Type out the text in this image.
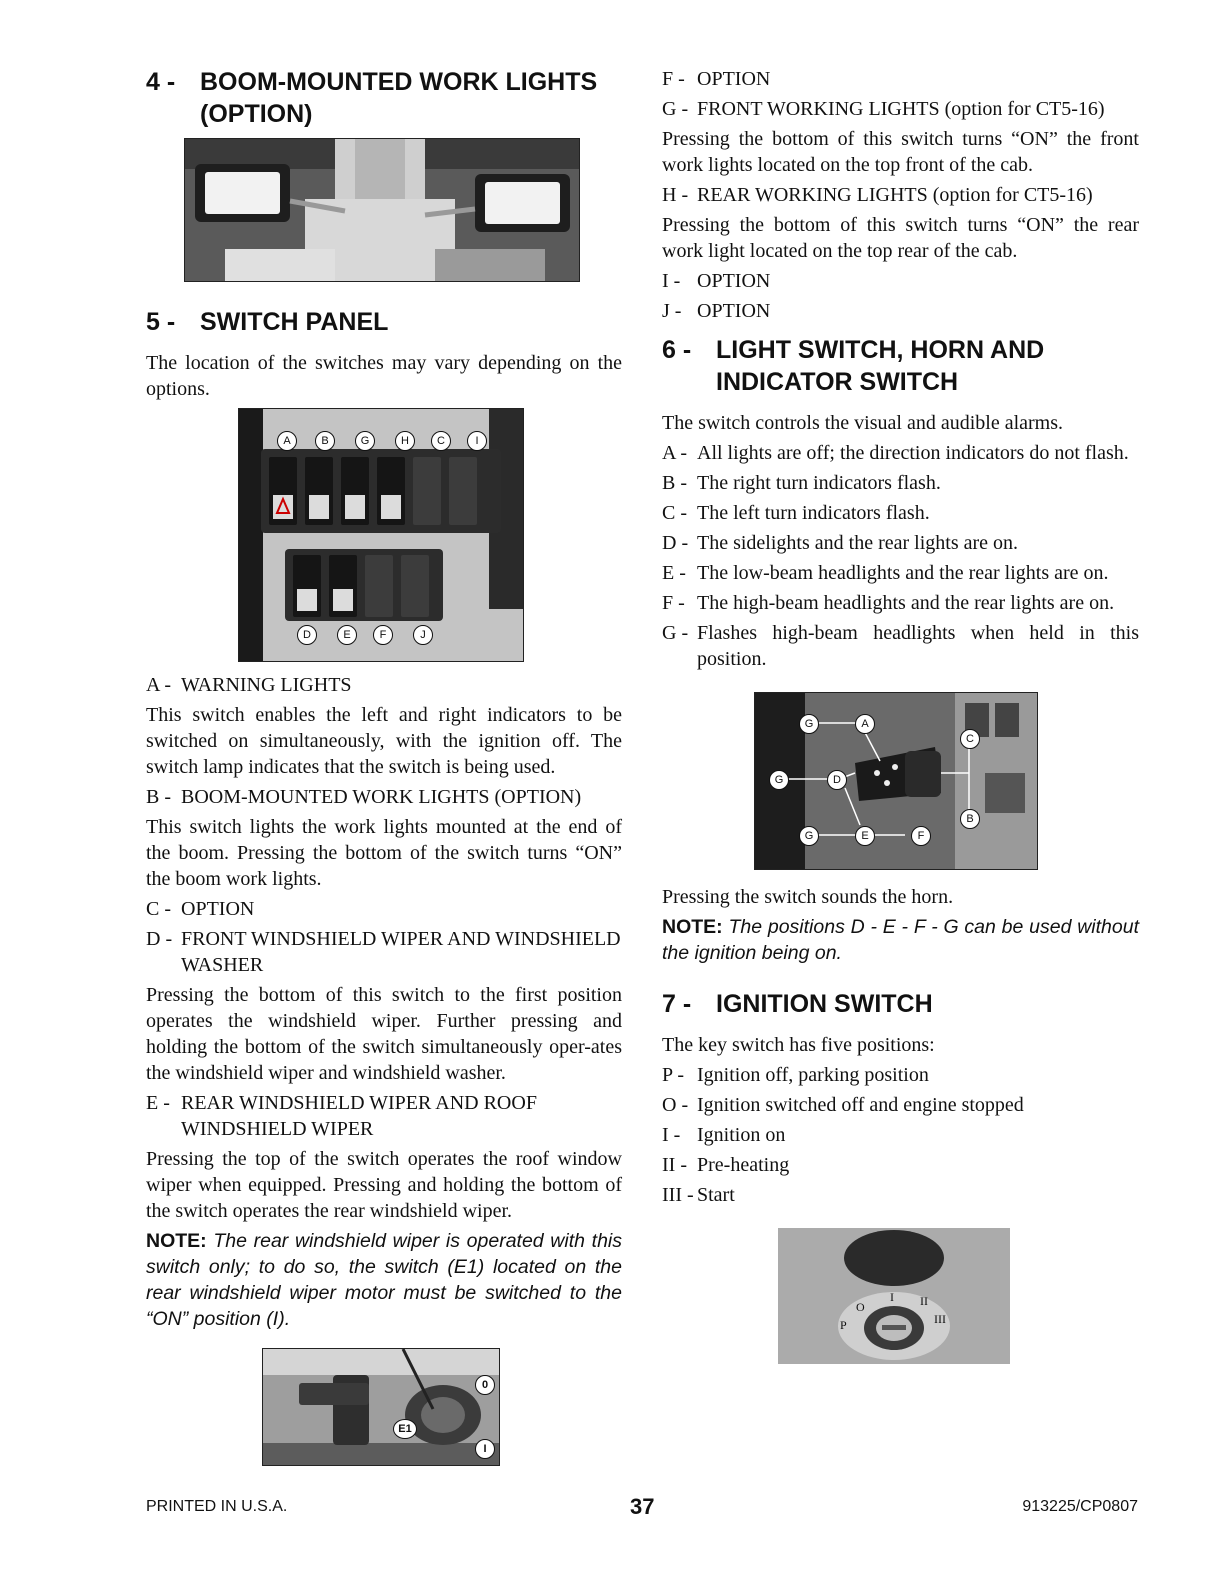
4 - BOOM-MOUNTED WORK LIGHTS (OPTION)
5 - SWITCH PANEL

The location of the switches may vary depending on the options.

A	B	G	H	C	I
D	E	F	J
A - WARNING LIGHTS

This switch enables the left and right indicators to be switched on simultaneously, with the ignition off. The switch lamp indicates that the switch is being used.

B - BOOM-MOUNTED WORK LIGHTS (OPTION)

This switch lights the work lights mounted at the end of the boom. Pressing the bottom of the switch turns “ON” the boom work lights.

C - OPTION
D - FRONT WINDSHIELD WIPER AND WINDSHIELD WASHER

Pressing the bottom of this switch to the first position operates the windshield wiper. Further pressing and holding the bottom of the switch simultaneously oper-ates the windshield wiper and windshield washer.

E - REAR WINDSHIELD WIPER AND ROOF WINDSHIELD WIPER

Pressing the top of the switch operates the roof window wiper when equipped. Pressing and holding the bottom of the switch operates the rear windshield wiper.

NOTE: The rear windshield wiper is operated with this switch only; to do so, the switch (E1) located on the rear windshield wiper motor must be switched to the “ON” position (I).

E1
0
I
F - OPTION
G - FRONT WORKING LIGHTS (option for CT5-16)

Pressing the bottom of this switch turns “ON” the front work lights located on the top front of the cab.

H - REAR WORKING LIGHTS (option for CT5-16)

Pressing the bottom of this switch turns “ON” the rear work light located on the top rear of the cab.

I - OPTION
J - OPTION
6 - LIGHT SWITCH, HORN AND INDICATOR SWITCH

The switch controls the visual and audible alarms.

A - All lights are off; the direction indicators do not flash.
B - The right turn indicators flash.
C - The left turn indicators flash.
D - The sidelights and the rear lights are on.
E - The low-beam headlights and the rear lights are on.
F - The high-beam headlights and the rear lights are on.
G - Flashes high-beam headlights when held in this position.
G	A
C
G	D
G	E	F
B

Pressing the switch sounds the horn.

NOTE: The positions D - E - F - G can be used without the ignition being on.

7 - IGNITION SWITCH

The key switch has five positions:

P - Ignition off, parking position
O - Ignition switched off and engine stopped
I - Ignition on
II - Pre-heating
III - Start
P
O
I II
III
PRINTED IN U.S.A.	37	913225/CP0807
